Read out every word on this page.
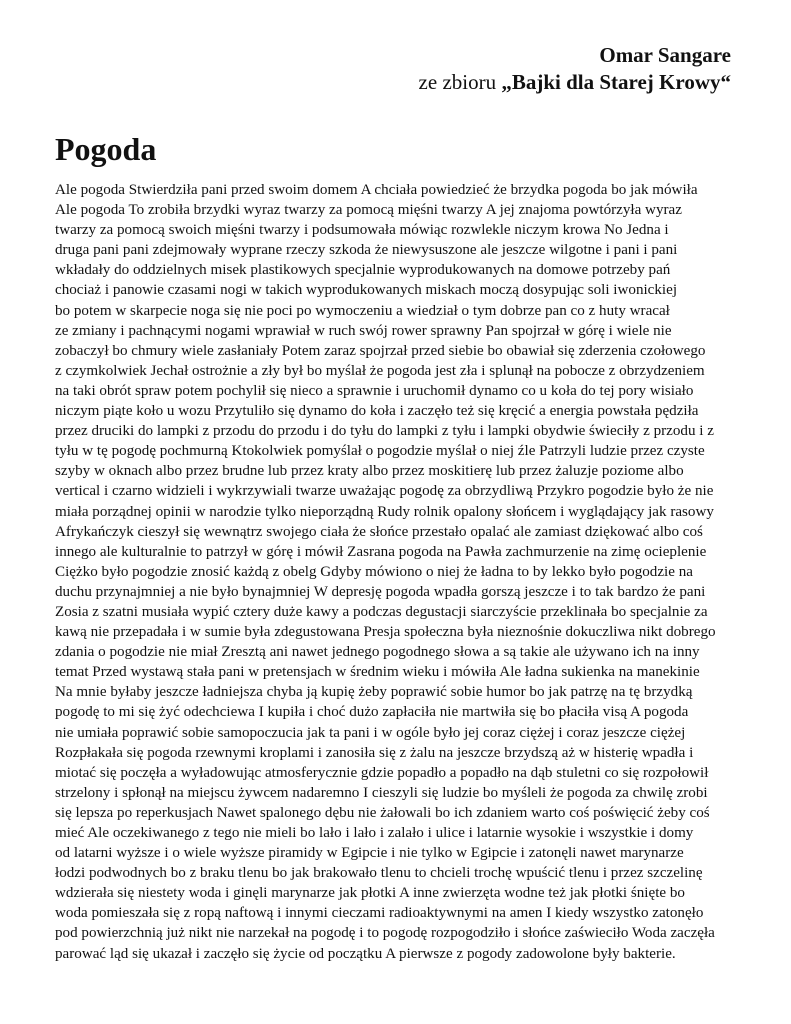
Omar Sangare
ze zbioru „Bajki dla Starej Krowy“
Pogoda
Ale pogoda Stwierdziła pani przed swoim domem A chciała powiedzieć że brzydka pogoda bo jak mówiła
Ale pogoda To zrobiła brzydki wyraz twarzy za pomocą mięśni twarzy A jej znajoma powtórzyła wyraz
twarzy za pomocą swoich mięśni twarzy i podsumowała mówiąc rozwlekle niczym krowa No Jedna i
druga pani pani zdejmowały wyprane rzeczy szkoda że niewysuszone ale jeszcze wilgotne i pani i pani
wkładały do oddzielnych misek plastikowych specjalnie wyprodukowanych na domowe potrzeby pań
chociaż i panowie czasami nogi w takich wyprodukowanych miskach moczą dosypując soli iwonickiej
bo potem w skarpecie noga się nie poci po wymoczeniu a wiedział o tym dobrze pan co z huty wracał
ze zmiany i pachnącymi nogami wprawiał w ruch swój rower sprawny Pan spojrzał w górę i wiele nie
zobaczył bo chmury wiele zasłaniały Potem zaraz spojrzał przed siebie bo obawiał się zderzenia czołowego
z czymkolwiek Jechał ostrożnie a zły był bo myślał że pogoda jest zła i splunął na pobocze z obrzydzeniem
na taki obrót spraw potem pochylił się nieco a sprawnie i uruchomił dynamo co u koła do tej pory wisiało
niczym piąte koło u wozu Przytuliło się dynamo do koła i zaczęło też się kręcić a energia powstała pędziła
przez druciki do lampki z przodu do przodu i do tyłu do lampki z tyłu i lampki obydwie świeciły z przodu i z
tyłu w tę pogodę pochmurną Ktokolwiek pomyślał o pogodzie myślał o niej źle Patrzyli ludzie przez czyste
szyby w oknach albo przez brudne lub przez kraty albo przez moskitierę lub przez żaluzje poziome albo
vertical i czarno widzieli i wykrzywiali twarze uważając pogodę za obrzydliwą Przykro pogodzie było że nie
miała porządnej opinii w narodzie tylko nieporządną Rudy rolnik opalony słońcem i wyglądający jak rasowy
Afrykańczyk cieszył się wewnątrz swojego ciała że słońce przestało opalać ale zamiast dziękować albo coś
innego ale kulturalnie to patrzył w górę i mówił Zasrana pogoda na Pawła zachmurzenie na zimę ocieplenie
Ciężko było pogodzie znosić każdą z obelg Gdyby mówiono o niej że ładna to by lekko było pogodzie na
duchu przynajmniej a nie było bynajmniej W depresję pogoda wpadła gorszą jeszcze i to tak bardzo że pani
Zosia z szatni musiała wypić cztery duże kawy a podczas degustacji siarczyście przeklinała bo specjalnie za
kawą nie przepadała i w sumie była zdegustowana Presja społeczna była nieznośnie dokuczliwa nikt dobrego
zdania o pogodzie nie miał Zresztą ani nawet jednego pogodnego słowa a są takie ale używano ich na inny
temat Przed wystawą stała pani w pretensjach w średnim wieku i mówiła Ale ładna sukienka na manekinie
Na mnie byłaby jeszcze ładniejsza chyba ją kupię żeby poprawić sobie humor bo jak patrzę na tę brzydką
pogodę to mi się żyć odechciewa I kupiła i choć dużo zapłaciła nie martwiła się bo płaciła visą A pogoda
nie umiała poprawić sobie samopoczucia jak ta pani i w ogóle było jej coraz ciężej i coraz jeszcze ciężej
Rozpłakała się pogoda rzewnymi kroplami i zanosiła się z żalu na jeszcze brzydszą aż w histerię wpadła i
miotać się poczęła a wyładowując atmosferycznie gdzie popadło a popadło na dąb stuletni co się rozpołowił
strzelony i spłonął na miejscu żywcem nadaremno I cieszyli się ludzie bo myśleli że pogoda za chwilę zrobi
się lepsza po reperkusjach Nawet spalonego dębu nie żałowali bo ich zdaniem warto coś poświęcić żeby coś
mieć Ale oczekiwanego z tego nie mieli bo lało i lało i zalało i ulice i latarnie wysokie i wszystkie i domy
od latarni wyższe i o wiele wyższe piramidy w Egipcie i nie tylko w Egipcie i zatonęli nawet marynarze
łodzi podwodnych bo z braku tlenu bo jak brakowało tlenu to chcieli trochę wpuścić tlenu i przez szczelinę
wdzierała się niestety woda i ginęli marynarze jak płotki A inne zwierzęta wodne też jak płotki śnięte bo
woda pomieszała się z ropą naftową i innymi cieczami radioaktywnymi na amen I kiedy wszystko zatonęło
pod powierzchnią już nikt nie narzekał na pogodę i to pogodę rozpogodziło i słońce zaświeciło Woda zaczęła
parować ląd się ukazał i zaczęło się życie od początku A pierwsze z pogody zadowolone były bakterie.
